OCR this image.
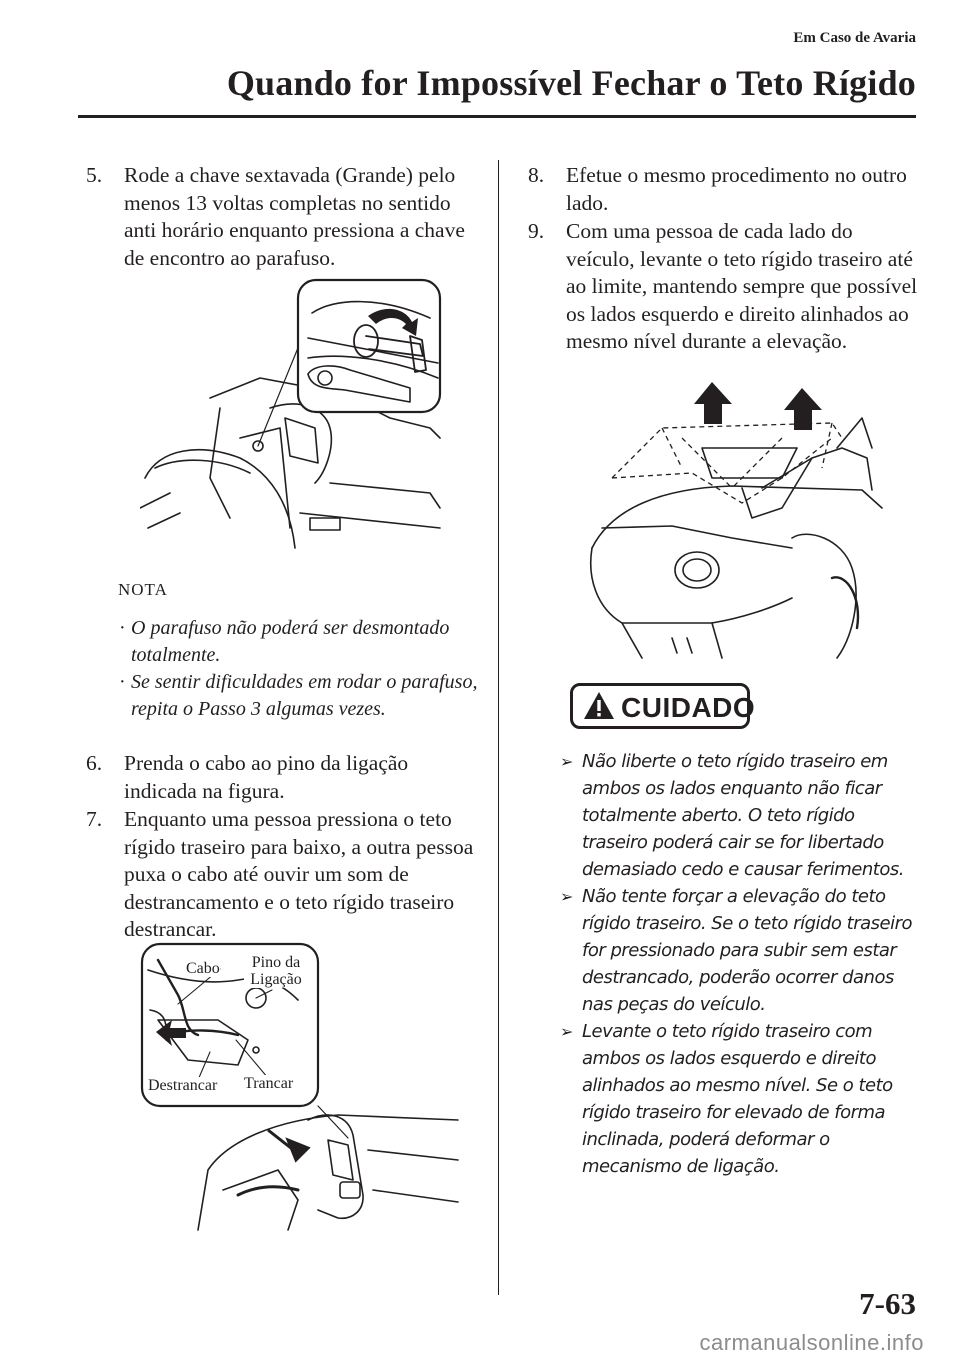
Em Caso de Avaria
Quando for Impossível Fechar o Teto Rígido
5.	Rode a chave sextavada (Grande) pelo menos 13 voltas completas no sentido anti horário enquanto pressiona a chave de encontro ao parafuso.
NOTA
· O parafuso não poderá ser desmontado totalmente.
· Se sentir dificuldades em rodar o parafuso, repita o Passo 3 algumas vezes.
6.	Prenda o cabo ao pino da ligação indicada na figura.
7.	Enquanto uma pessoa pressiona o teto rígido traseiro para baixo, a outra pessoa puxa o cabo até ouvir um som de destrancamento e o teto rígido traseiro destrancar.
Cabo	Pino da Ligação
Destrancar Trancar
8.	Efetue o mesmo procedimento no outro lado.
9.	Com uma pessoa de cada lado do veículo, levante o teto rígido traseiro até ao limite, mantendo sempre que possível os lados esquerdo e direito alinhados ao mesmo nível durante a elevação.
CUIDADO
➢ Não liberte o teto rígido traseiro em ambos os lados enquanto não ficar totalmente aberto. O teto rígido traseiro poderá cair se for libertado demasiado cedo e causar ferimentos.
➢ Não tente forçar a elevação do teto rígido traseiro. Se o teto rígido traseiro for pressionado para subir sem estar destrancado, poderão ocorrer danos nas peças do veículo.
➢ Levante o teto rígido traseiro com ambos os lados esquerdo e direito alinhados ao mesmo nível. Se o teto rígido traseiro for elevado de forma inclinada, poderá deformar o mecanismo de ligação.
7-63
carmanualsonline.info
